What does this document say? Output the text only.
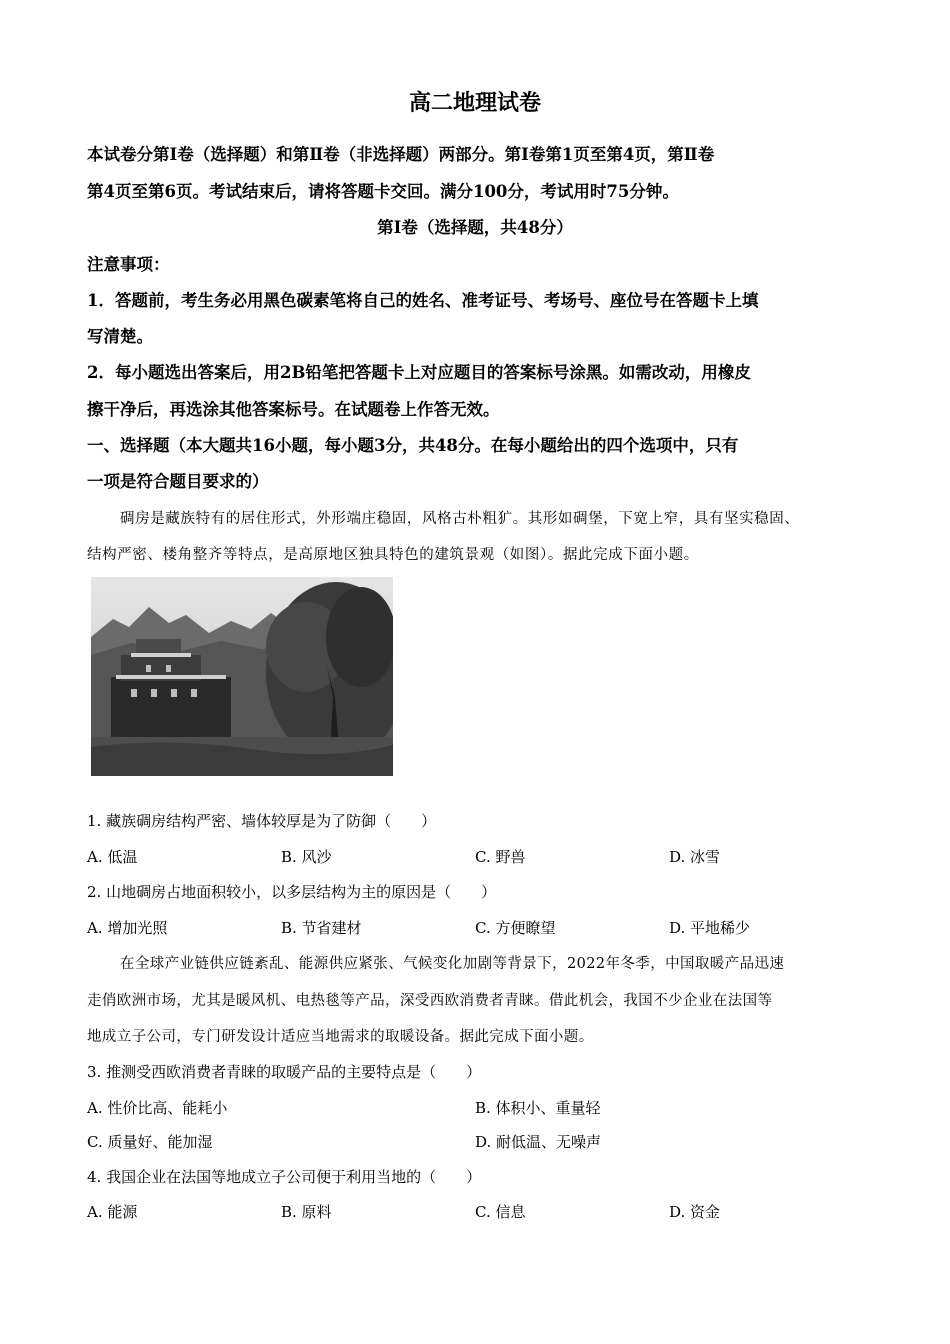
高二地理试卷
本试卷分第Ⅰ卷（选择题）和第Ⅱ卷（非选择题）两部分。第Ⅰ卷第1页至第4页，第Ⅱ卷
第4页至第6页。考试结束后，请将答题卡交回。满分100分，考试用时75分钟。
第Ⅰ卷（选择题，共48分）
注意事项：
1．答题前，考生务必用黑色碳素笔将自己的姓名、准考证号、考场号、座位号在答题卡上填
写清楚。
2．每小题选出答案后，用2B铅笔把答题卡上对应题目的答案标号涂黑。如需改动，用橡皮
擦干净后，再选涂其他答案标号。在试题卷上作答无效。
一、选择题（本大题共16小题，每小题3分，共48分。在每小题给出的四个选项中，只有
一项是符合题目要求的）
碉房是藏族特有的居住形式，外形端庄稳固，风格古朴粗犷。其形如碉堡，下宽上窄，具有坚实稳固、
结构严密、楼角整齐等特点，是高原地区独具特色的建筑景观（如图）。据此完成下面小题。
1. 藏族碉房结构严密、墙体较厚是为了防御（　　）
A. 低温	B. 风沙	C. 野兽	D. 冰雪
2. 山地碉房占地面积较小，以多层结构为主的原因是（　　）
A. 增加光照	B. 节省建材	C. 方便瞭望	D. 平地稀少
在全球产业链供应链紊乱、能源供应紧张、气候变化加剧等背景下，2022年冬季，中国取暖产品迅速
走俏欧洲市场，尤其是暖风机、电热毯等产品，深受西欧消费者青睐。借此机会，我国不少企业在法国等
地成立子公司，专门研发设计适应当地需求的取暖设备。据此完成下面小题。
3. 推测受西欧消费者青睐的取暖产品的主要特点是（　　）
A. 性价比高、能耗小	B. 体积小、重量轻
C. 质量好、能加湿	D. 耐低温、无噪声
4. 我国企业在法国等地成立子公司便于利用当地的（　　）
A. 能源	B. 原料	C. 信息	D. 资金
